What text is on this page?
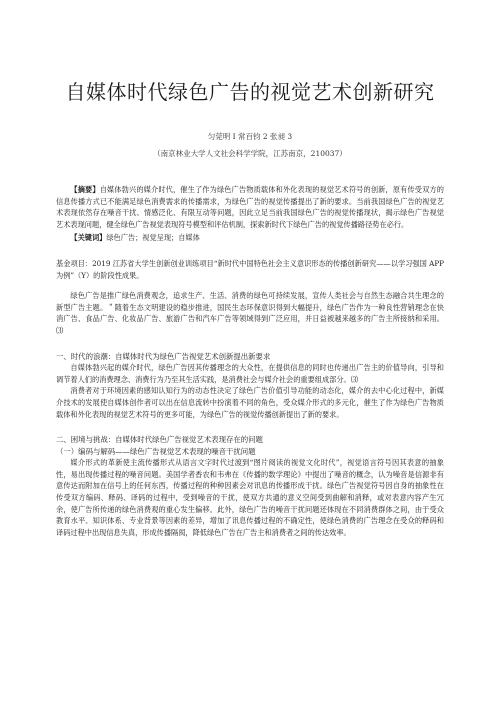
自媒体时代绿色广告的视觉艺术创新研究
匀莞明 I 常百钧 2 张昶 3
（南京林业大学人文社会科学学院，江苏南京，210037）

【摘要】自媒体勃兴的媒介时代，催生了作为绿色广告物质载体和外化表现的视觉艺术符号的创新，原有传受双方的信息传播方式已不能满足绿色消费需求的传播需求，为绿色广告的视觉传播提出了新的要求。当前我国绿色广告的视觉艺术表现依然存在噪音干扰、情感泛化、有限互动等问题，因此立足当前我国绿色广告的视觉传播现状，揭示绿色广告视觉艺术表现问题，健全绿色广告视觉表现符号模型和评估机制，探索新时代下绿色广告的视觉传播路径势在必行。

【关键词】绿色广告；视觉呈现；自媒体

基金项目：2019 江苏省大学生创新创业训练项目“新时代中国特色社会主义意识形态的传播创新研究——以学习强国 APP 为例”（Y）的阶段性成果。

绿色广告是推广绿色消费观念，追求生产、生活、消费的绿色可持续发展，宣传人类社会与自然生态融合共生理念的新型广告主题。＂随着生态文明建设的稳步推进，国民生态环保意识得到大幅提升，绿色广告作为一种良性营销理念在快消广告、食品广告、化妆品广告、旅游广告和汽车广告等领域得到广泛应用，并日益被越来越多的广告主所接纳和采用。⑶

一、时代的浪潮：自媒体时代为绿色广告视觉艺术创新提出新要求

自媒体勃兴起的媒介时代，绿色广告因其传播理念的大众性，在提供信息的同时也传递出广告主的价值导向，引导和调节着人们的消费理念、消费行为乃至其生活实践，是消费社会与媒介社会的重要组成部分。⑶

消费者对于环境因素的感知认知行为的动态性决定了绿色广告价值引导功能的动态化，媒介的去中心化过程中，新媒介技术的发展使自媒体创作者可以出在信息流转中扮演着不同的角色，受众媒介形式的多元化，催生了作为绿色广告物质载体和外化表现的视觉艺术符号的更多可能，为绿色广告的视觉传播创新提出了新的要求。

二、困境与挑战：自媒体时代绿色广告视觉艺术表现存在的问题

（一）编码与解码——绿色广告视觉艺术表现的噪音干扰问题

媒介形式的革新使主流传播形式从语言文字时代过渡到“图片阅读的视觉文化时代”，视觉语言符号因其表意的抽象性，易出现传播过程的噪音问题。美国学者香农和韦弗在《传播的数学理论》中提出了噪音的概念，认为噪音是信源非有意传达而附加在信号上的任何东西，传播过程的种种因素会对讯息的传播形成干扰。绿色广告视觉符号因自身的抽象性在传受双方编码、释码、译码的过程中，受到噪音的干扰，使双方共通的意义空间受到曲解和消释，或对表意内容产生冗余，使广告所传递的绿色消费观的重心发生偏移。此外，绿色广告的噪音干扰问题还体现在不同消费群体之间，由于受众教育水平、知识体系、专业背景等因素的差异，增加了讯息传播过程的不确定性，使绿色消费的广告理念在受众的释码和译码过程中出现信息失真，形成传播隔阂，降低绿色广告在广告主和消费者之间的传达效率。
